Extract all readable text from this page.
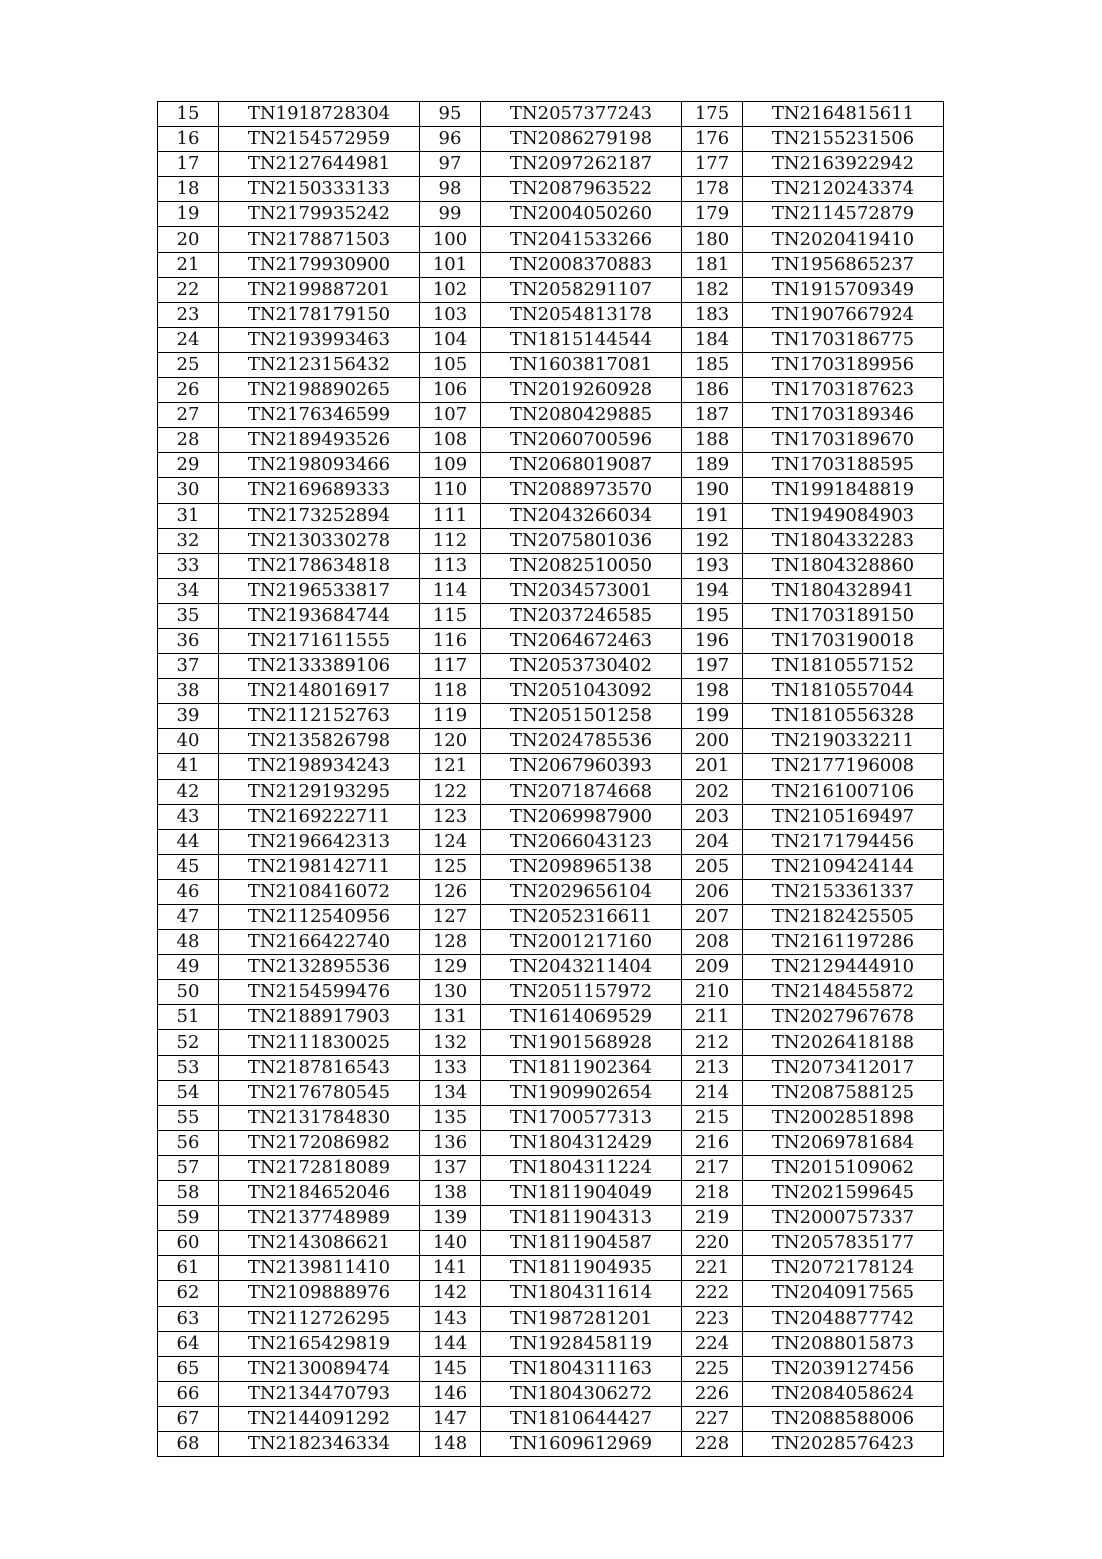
15	TN1918728304	95	TN2057377243	175	TN2164815611
16	TN2154572959	96	TN2086279198	176	TN2155231506
17	TN2127644981	97	TN2097262187	177	TN2163922942
18	TN2150333133	98	TN2087963522	178	TN2120243374
19	TN2179935242	99	TN2004050260	179	TN2114572879
20	TN2178871503	100	TN2041533266	180	TN2020419410
21	TN2179930900	101	TN2008370883	181	TN1956865237
22	TN2199887201	102	TN2058291107	182	TN1915709349
23	TN2178179150	103	TN2054813178	183	TN1907667924
24	TN2193993463	104	TN1815144544	184	TN1703186775
25	TN2123156432	105	TN1603817081	185	TN1703189956
26	TN2198890265	106	TN2019260928	186	TN1703187623
27	TN2176346599	107	TN2080429885	187	TN1703189346
28	TN2189493526	108	TN2060700596	188	TN1703189670
29	TN2198093466	109	TN2068019087	189	TN1703188595
30	TN2169689333	110	TN2088973570	190	TN1991848819
31	TN2173252894	111	TN2043266034	191	TN1949084903
32	TN2130330278	112	TN2075801036	192	TN1804332283
33	TN2178634818	113	TN2082510050	193	TN1804328860
34	TN2196533817	114	TN2034573001	194	TN1804328941
35	TN2193684744	115	TN2037246585	195	TN1703189150
36	TN2171611555	116	TN2064672463	196	TN1703190018
37	TN2133389106	117	TN2053730402	197	TN1810557152
38	TN2148016917	118	TN2051043092	198	TN1810557044
39	TN2112152763	119	TN2051501258	199	TN1810556328
40	TN2135826798	120	TN2024785536	200	TN2190332211
41	TN2198934243	121	TN2067960393	201	TN2177196008
42	TN2129193295	122	TN2071874668	202	TN2161007106
43	TN2169222711	123	TN2069987900	203	TN2105169497
44	TN2196642313	124	TN2066043123	204	TN2171794456
45	TN2198142711	125	TN2098965138	205	TN2109424144
46	TN2108416072	126	TN2029656104	206	TN2153361337
47	TN2112540956	127	TN2052316611	207	TN2182425505
48	TN2166422740	128	TN2001217160	208	TN2161197286
49	TN2132895536	129	TN2043211404	209	TN2129444910
50	TN2154599476	130	TN2051157972	210	TN2148455872
51	TN2188917903	131	TN1614069529	211	TN2027967678
52	TN2111830025	132	TN1901568928	212	TN2026418188
53	TN2187816543	133	TN1811902364	213	TN2073412017
54	TN2176780545	134	TN1909902654	214	TN2087588125
55	TN2131784830	135	TN1700577313	215	TN2002851898
56	TN2172086982	136	TN1804312429	216	TN2069781684
57	TN2172818089	137	TN1804311224	217	TN2015109062
58	TN2184652046	138	TN1811904049	218	TN2021599645
59	TN2137748989	139	TN1811904313	219	TN2000757337
60	TN2143086621	140	TN1811904587	220	TN2057835177
61	TN2139811410	141	TN1811904935	221	TN2072178124
62	TN2109888976	142	TN1804311614	222	TN2040917565
63	TN2112726295	143	TN1987281201	223	TN2048877742
64	TN2165429819	144	TN1928458119	224	TN2088015873
65	TN2130089474	145	TN1804311163	225	TN2039127456
66	TN2134470793	146	TN1804306272	226	TN2084058624
67	TN2144091292	147	TN1810644427	227	TN2088588006
68	TN2182346334	148	TN1609612969	228	TN2028576423
